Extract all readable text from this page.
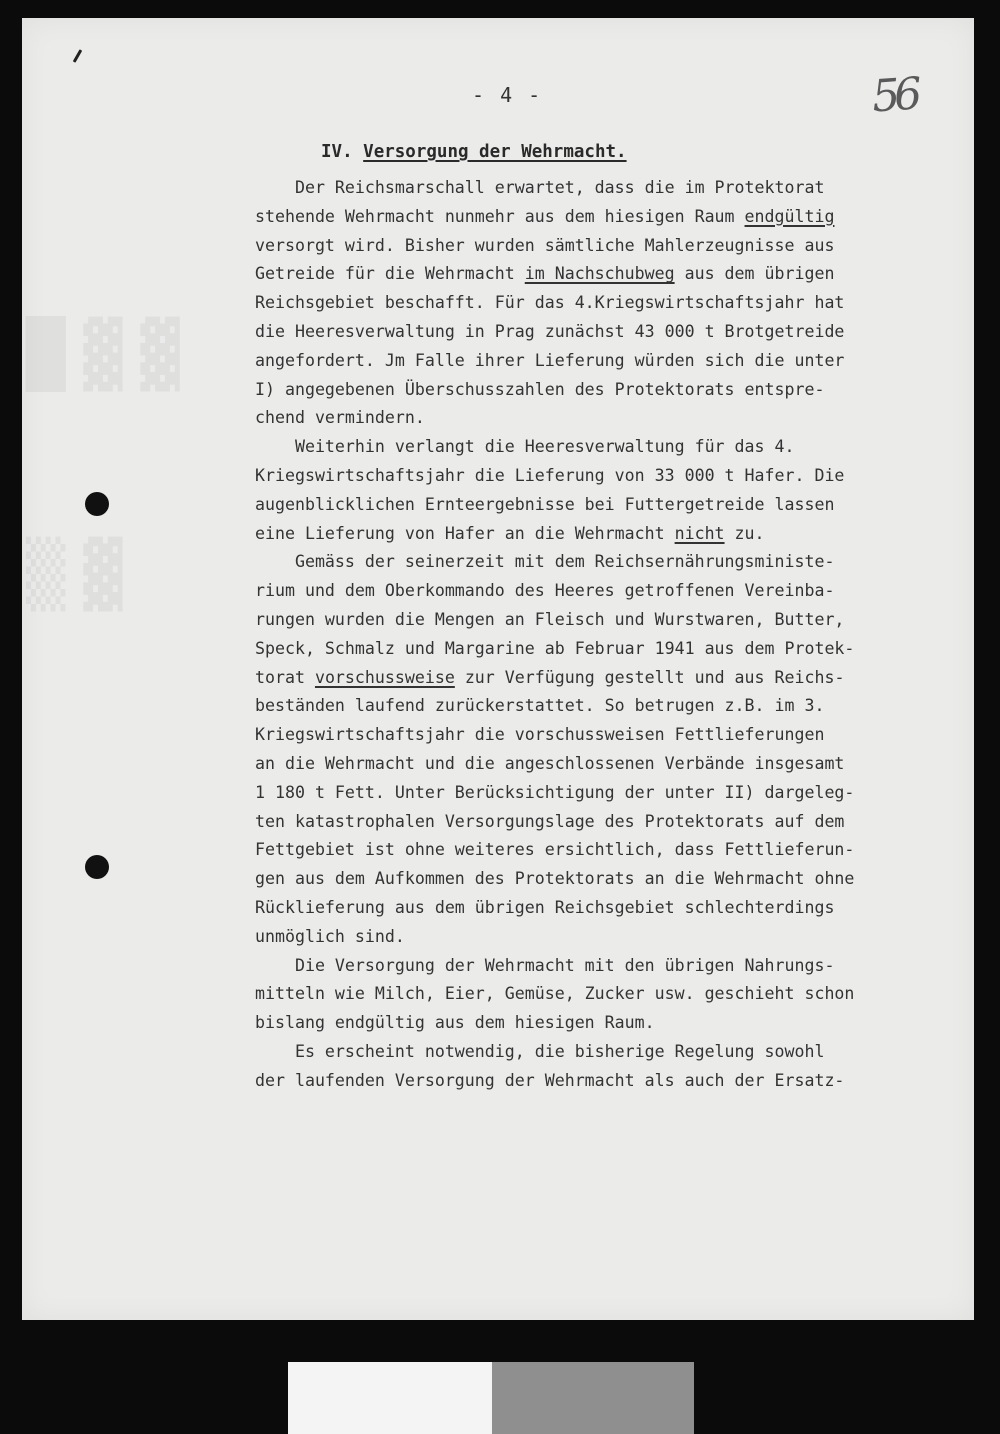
█ ▓ ▓
▒ ▓
- 4 -	56
IV. Versorgung der Wehrmacht.
Der Reichsmarschall erwartet, dass die im Protektorat
stehende Wehrmacht nunmehr aus dem hiesigen Raum endgültig
versorgt wird. Bisher wurden sämtliche Mahlerzeugnisse aus
Getreide für die Wehrmacht im Nachschubweg aus dem übrigen
Reichsgebiet beschafft. Für das 4.Kriegswirtschaftsjahr hat
die Heeresverwaltung in Prag zunächst 43 000 t Brotgetreide
angefordert. Jm Falle ihrer Lieferung würden sich die unter
I) angegebenen Überschusszahlen des Protektorats entspre-
chend vermindern.
Weiterhin verlangt die Heeresverwaltung für das 4.
Kriegswirtschaftsjahr die Lieferung von 33 000 t Hafer. Die
augenblicklichen Ernteergebnisse bei Futtergetreide lassen
eine Lieferung von Hafer an die Wehrmacht nicht zu.
Gemäss der seinerzeit mit dem Reichsernährungsministe-
rium und dem Oberkommando des Heeres getroffenen Vereinba-
rungen wurden die Mengen an Fleisch und Wurstwaren, Butter,
Speck, Schmalz und Margarine ab Februar 1941 aus dem Protek-
torat vorschussweise zur Verfügung gestellt und aus Reichs-
beständen laufend zurückerstattet. So betrugen z.B. im 3.
Kriegswirtschaftsjahr die vorschussweisen Fettlieferungen
an die Wehrmacht und die angeschlossenen Verbände insgesamt
1 180 t Fett. Unter Berücksichtigung der unter II) dargeleg-
ten katastrophalen Versorgungslage des Protektorats auf dem
Fettgebiet ist ohne weiteres ersichtlich, dass Fettlieferun-
gen aus dem Aufkommen des Protektorats an die Wehrmacht ohne
Rücklieferung aus dem übrigen Reichsgebiet schlechterdings
unmöglich sind.
Die Versorgung der Wehrmacht mit den übrigen Nahrungs-
mitteln wie Milch, Eier, Gemüse, Zucker usw. geschieht schon
bislang endgültig aus dem hiesigen Raum.
Es erscheint notwendig, die bisherige Regelung sowohl
der laufenden Versorgung der Wehrmacht als auch der Ersatz-
